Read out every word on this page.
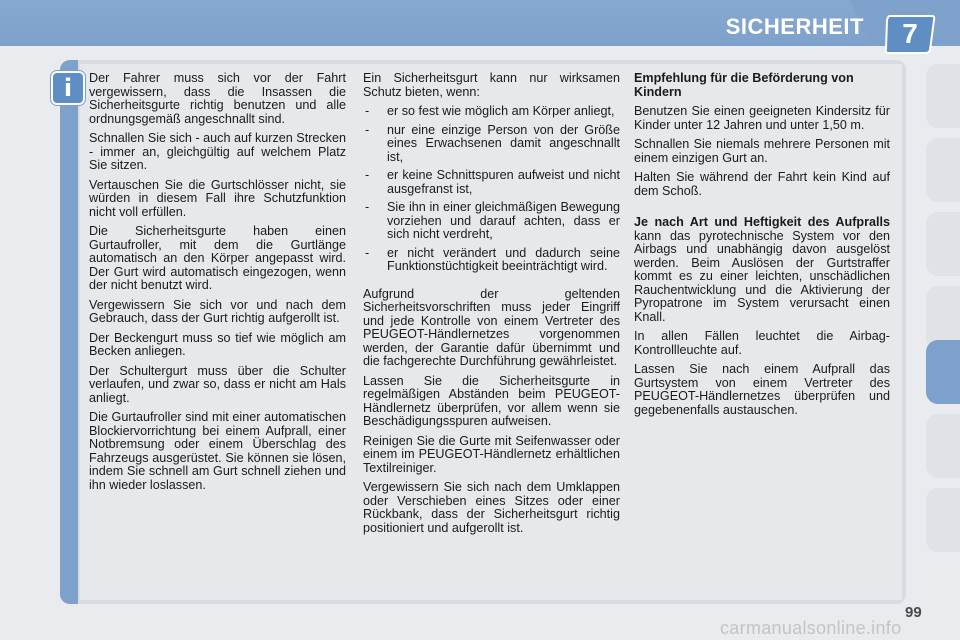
SICHERHEIT	7
i	Der Fahrer muss sich vor der Fahrt vergewissern, dass die Insassen die Sicherheitsgurte richtig benutzen und alle ordnungsgemäß angeschnallt sind.

Schnallen Sie sich - auch auf kurzen Strecken - immer an, gleichgültig auf welchem Platz Sie sitzen.

Vertauschen Sie die Gurtschlösser nicht, sie würden in diesem Fall ihre Schutzfunktion nicht voll erfüllen.

Die Sicherheitsgurte haben einen Gurtaufroller, mit dem die Gurtlänge automatisch an den Körper angepasst wird. Der Gurt wird automatisch eingezogen, wenn der nicht benutzt wird.

Vergewissern Sie sich vor und nach dem Gebrauch, dass der Gurt richtig aufgerollt ist.

Der Beckengurt muss so tief wie möglich am Becken anliegen.

Der Schultergurt muss über die Schulter verlaufen, und zwar so, dass er nicht am Hals anliegt.

Die Gurtaufroller sind mit einer automatischen Blockiervorrichtung bei einem Aufprall, einer Notbremsung oder einem Überschlag des Fahrzeugs ausgerüstet. Sie können sie lösen, indem Sie schnell am Gurt schnell ziehen und ihn wieder loslassen.

Ein Sicherheitsgurt kann nur wirksamen Schutz bieten, wenn:

- er so fest wie möglich am Körper anliegt,
- nur eine einzige Person von der Größe eines Erwachsenen damit angeschnallt ist,
- er keine Schnittspuren aufweist und nicht ausgefranst ist,
- Sie ihn in einer gleichmäßigen Bewegung vorziehen und darauf achten, dass er sich nicht verdreht,
- er nicht verändert und dadurch seine Funktionstüchtigkeit beeinträchtigt wird.

Aufgrund der geltenden Sicherheitsvorschriften muss jeder Eingriff und jede Kontrolle von einem Vertreter des PEUGEOT-Händlernetzes vorgenommen werden, der Garantie dafür übernimmt und die fachgerechte Durchführung gewährleistet.

Lassen Sie die Sicherheitsgurte in regelmäßigen Abständen beim PEUGEOT-Händlernetz überprüfen, vor allem wenn sie Beschädigungsspuren aufweisen.

Reinigen Sie die Gurte mit Seifenwasser oder einem im PEUGEOT-Händlernetz erhältlichen Textilreiniger.

Vergewissern Sie sich nach dem Umklappen oder Verschieben eines Sitzes oder einer Rückbank, dass der Sicherheitsgurt richtig positioniert und aufgerollt ist.

Empfehlung für die Beförderung von Kindern

Benutzen Sie einen geeigneten Kindersitz für Kinder unter 12 Jahren und unter 1,50 m.

Schnallen Sie niemals mehrere Personen mit einem einzigen Gurt an.

Halten Sie während der Fahrt kein Kind auf dem Schoß.

Je nach Art und Heftigkeit des Aufpralls kann das pyrotechnische System vor den Airbags und unabhängig davon ausgelöst werden. Beim Auslösen der Gurtstraffer kommt es zu einer leichten, unschädlichen Rauchentwicklung und die Aktivierung der Pyropatrone im System verursacht einen Knall.

In allen Fällen leuchtet die Airbag-Kontrollleuchte auf.

Lassen Sie nach einem Aufprall das Gurtsystem von einem Vertreter des PEUGEOT-Händlernetzes überprüfen und gegebenenfalls austauschen.

99
carmanualsonline.info
